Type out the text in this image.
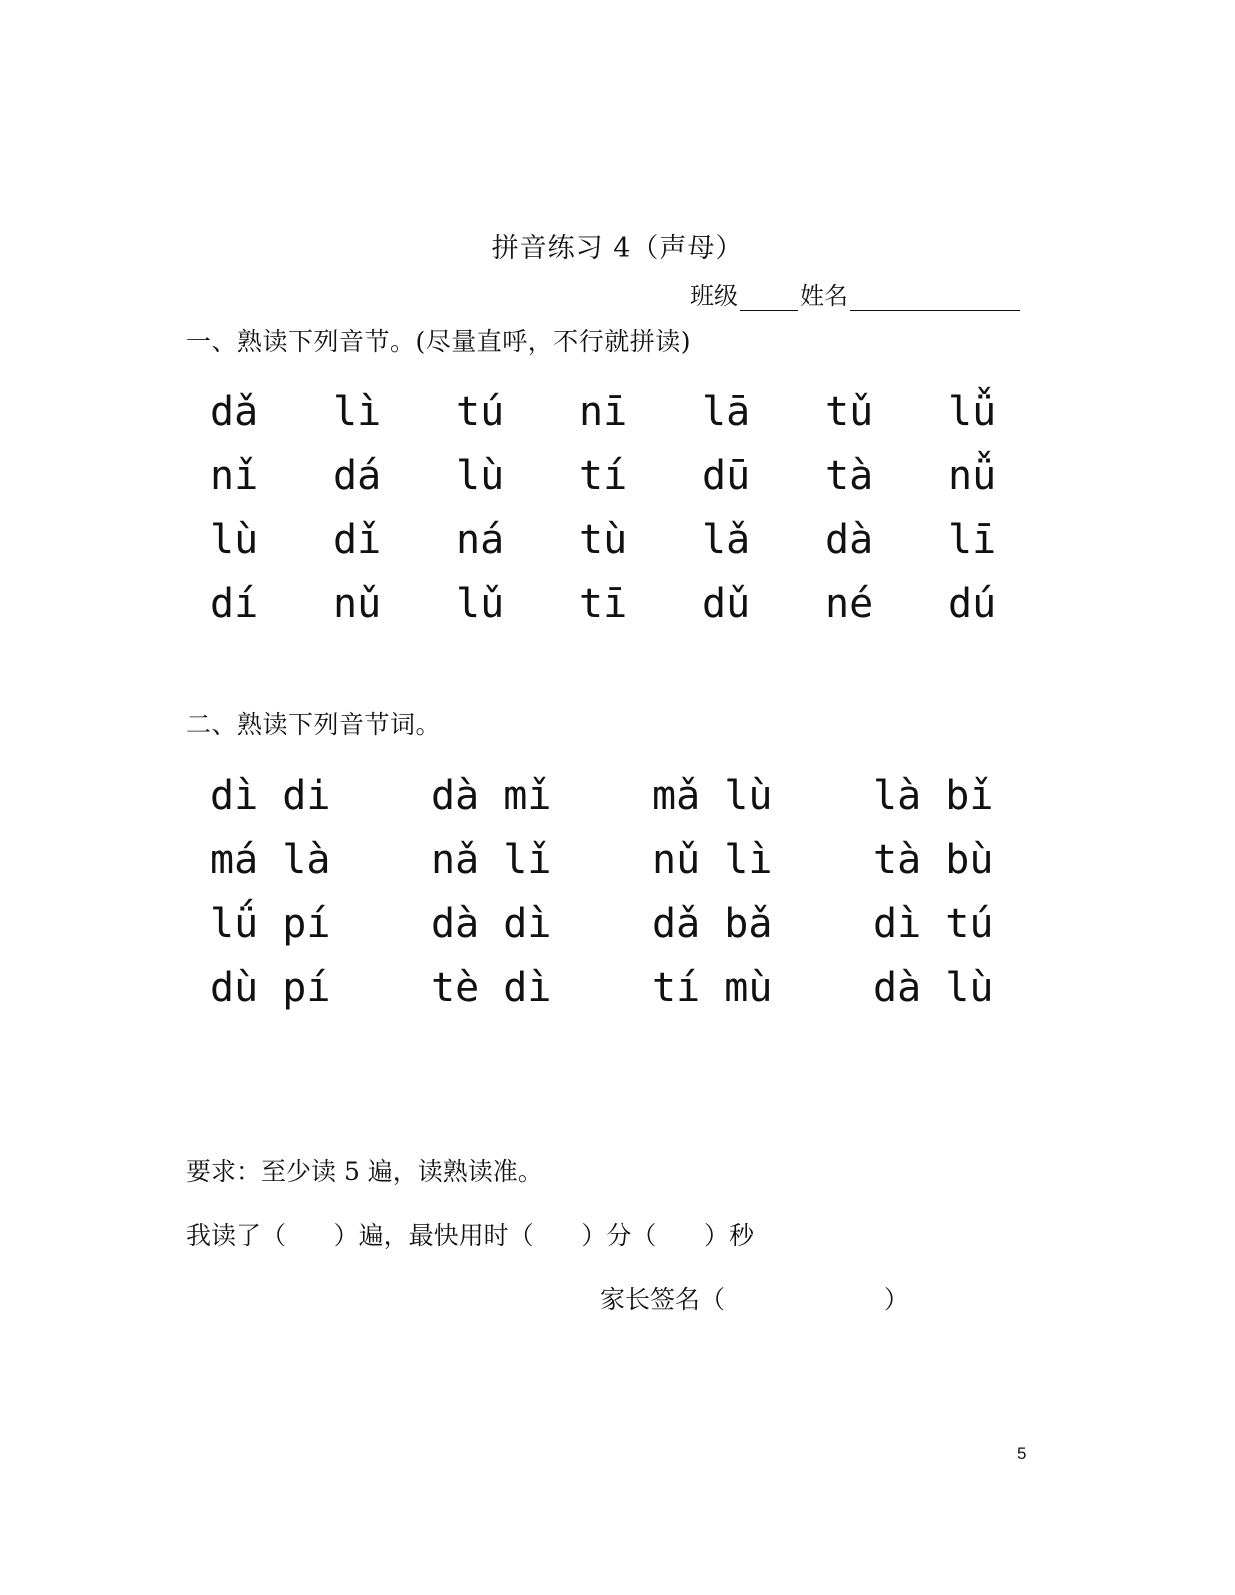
拼音练习 4（声母）
班级	姓名
一、熟读下列音节。(尽量直呼，不行就拼读)
dǎ	lì	tú	nī	lā	tǔ	lǚ
nǐ	dá	lù	tí	dū	tà	nǚ
lù	dǐ	ná	tù	lǎ	dà	lī
dí	nǔ	lǔ	tī	dǔ	né	dú
二、熟读下列音节词。
dì di	dà mǐ	mǎ lù	là bǐ
má là	nǎ lǐ	nǔ lì	tà bù
lǘ pí	dà dì	dǎ bǎ	dì tú
dù pí	tè dì	tí mù	dà lù
要求：至少读 5 遍，读熟读准。
我读了（      ）遍，最快用时（      ）分（      ）秒
家长签名（                    ）
5
